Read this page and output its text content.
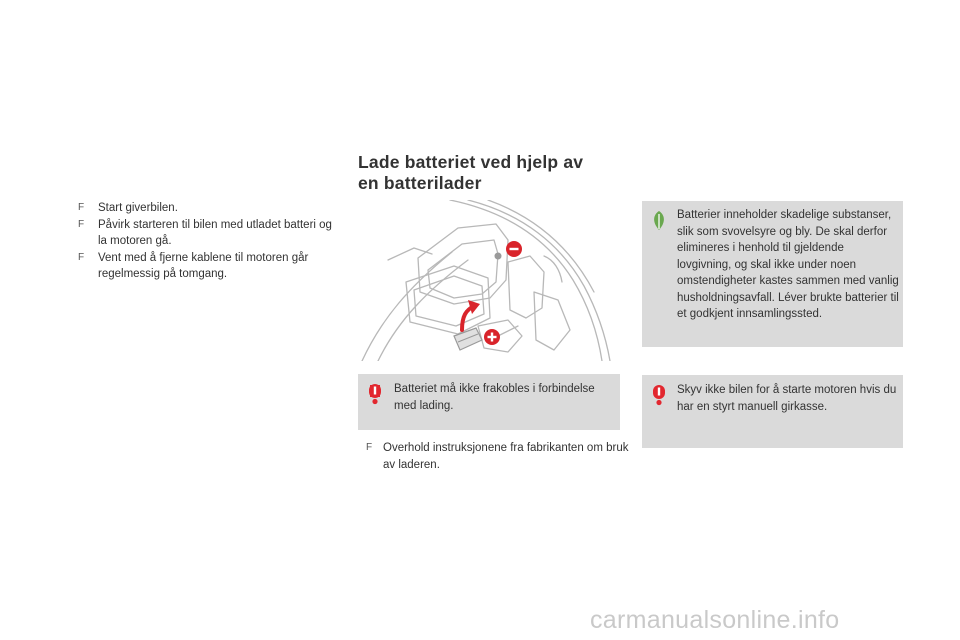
F Start giverbilen.
F Påvirk starteren til bilen med utladet batteri og la motoren gå.
F Vent med å fjerne kablene til motoren går regelmessig på tomgang.
Lade batteriet ved hjelp av
en batterilader
Batteriet må ikke frakobles i forbindelse med lading.
F Overhold instruksjonene fra fabrikanten om bruk av laderen.
Batterier inneholder skadelige substanser, slik som svovelsyre og bly. De skal derfor elimineres i henhold til gjeldende lovgivning, og skal ikke under noen omstendigheter kastes sammen med vanlig husholdningsavfall. Léver brukte batterier til et godkjent innsamlingssted.
Skyv ikke bilen for å starte motoren hvis du har en styrt manuell girkasse.
carmanualsonline.info
